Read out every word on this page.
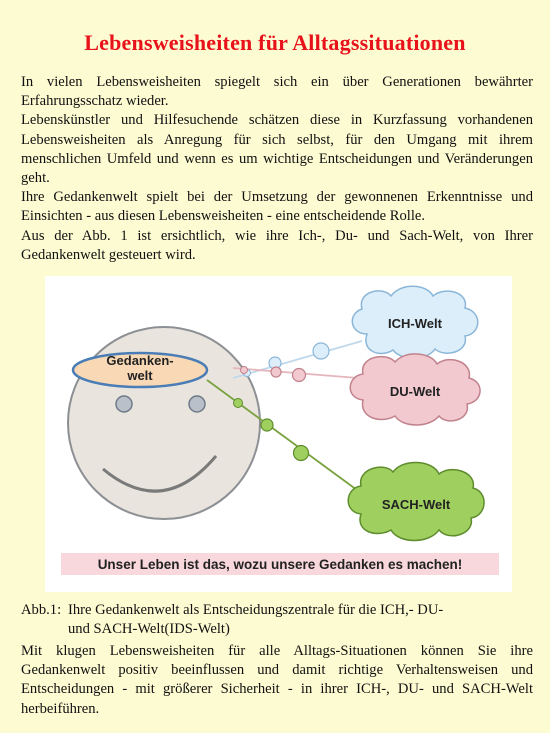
Lebensweisheiten für Alltagssituationen

In vielen Lebensweisheiten spiegelt sich ein über Generationen bewährter Erfahrungsschatz wieder.

Lebenskünstler und Hilfesuchende schätzen diese in Kurzfassung vorhandenen Lebensweisheiten als Anregung für sich selbst, für den Umgang mit ihrem menschlichen Umfeld und wenn es um wichtige Entscheidungen und Veränderungen geht.

Ihre Gedankenwelt spielt bei der Umsetzung der gewonnenen Erkenntnisse und Einsichten - aus diesen Lebensweisheiten - eine entscheidende Rolle.

Aus der Abb. 1 ist ersichtlich, wie ihre Ich-, Du- und Sach-Welt, von Ihrer Gedankenwelt gesteuert wird.

Gedanken-
welt
ICH-Welt
DU-Welt
SACH-Welt
Unser Leben ist das, wozu unsere Gedanken es machen!
Abb.1: Ihre Gedankenwelt als Entscheidungszentrale für die ICH,- DU-
und SACH-Welt(IDS-Welt)

Mit klugen Lebensweisheiten für alle Alltags-Situationen können Sie ihre Gedankenwelt positiv beeinflussen und damit richtige Verhaltensweisen und Entscheidungen - mit größerer Sicherheit - in ihrer ICH-, DU- und SACH-Welt herbeiführen.
